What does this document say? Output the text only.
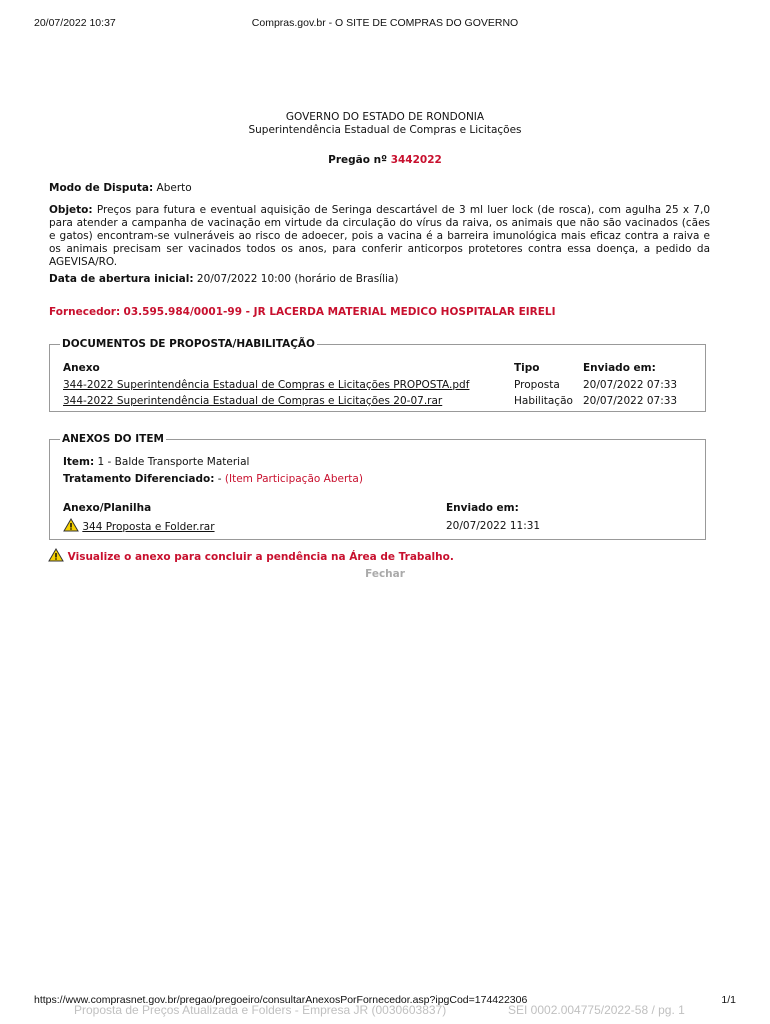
20/07/2022 10:37	Compras.gov.br - O SITE DE COMPRAS DO GOVERNO
GOVERNO DO ESTADO DE RONDONIA
Superintendência Estadual de Compras e Licitações
Pregão nº 3442022
Modo de Disputa: Aberto
Objeto: Preços para futura e eventual aquisição de Seringa descartável de 3 ml luer lock (de rosca), com agulha 25 x 7,0 para atender a campanha de vacinação em virtude da circulação do vírus da raiva, os animais que não são vacinados (cães e gatos) encontram-se vulneráveis ao risco de adoecer, pois a vacina é a barreira imunológica mais eficaz contra a raiva e os animais precisam ser vacinados todos os anos, para conferir anticorpos protetores contra essa doença, a pedido da AGEVISA/RO.
Data de abertura inicial: 20/07/2022 10:00 (horário de Brasília)
Fornecedor: 03.595.984/0001-99 - JR LACERDA MATERIAL MEDICO HOSPITALAR EIRELI
DOCUMENTOS DE PROPOSTA/HABILITAÇÃO
Anexo	Tipo	Enviado em:
344-2022 Superintendência Estadual de Compras e Licitações PROPOSTA.pdf	Proposta 20/07/2022 07:33
344-2022 Superintendência Estadual de Compras e Licitações 20-07.rar	Habilitação 20/07/2022 07:33
ANEXOS DO ITEM
Item: 1 - Balde Transporte Material
Tratamento Diferenciado: - (Item Participação Aberta)
Anexo/Planilha	Enviado em:
344 Proposta e Folder.rar	20/07/2022 11:31
Visualize o anexo para concluir a pendência na Área de Trabalho.
Fechar
Proposta de Preços Atualizada e Folders - Empresa JR (0030603837)	SEI 0002.004775/2022-58 / pg. 1
https://www.comprasnet.gov.br/pregao/pregoeiro/consultarAnexosPorFornecedor.asp?ipgCod=174422306	1/1
